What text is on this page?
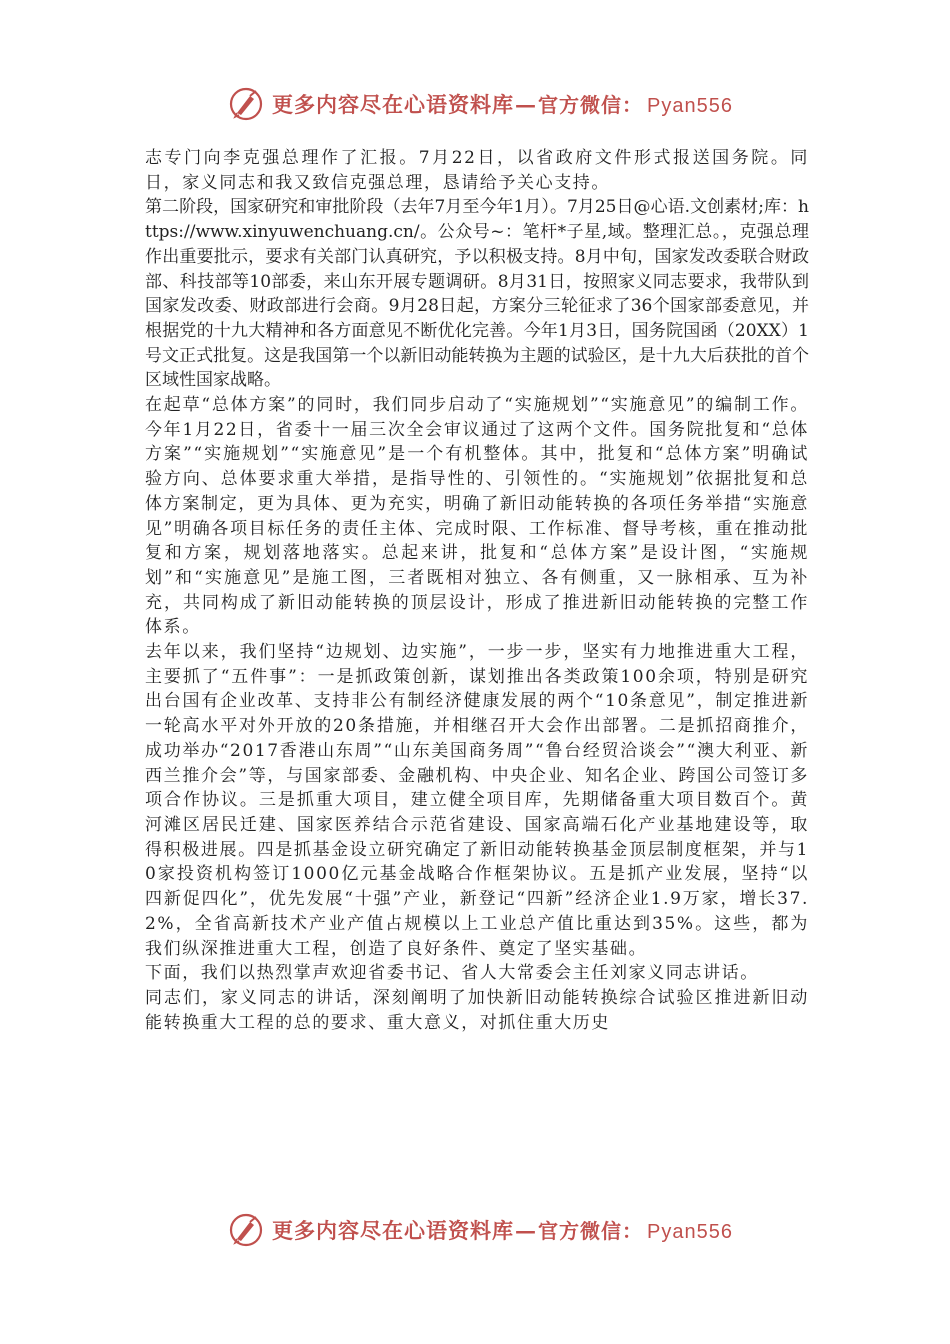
更多内容尽在心语资料库 — 官方微信： Pyan556

志专门向李克强总理作了汇报。7月22日，以省政府文件形式报送国务院。同日，家义同志和我又致信克强总理，恳请给予关心支持。

第二阶段，国家研究和审批阶段（去年7月至今年1月）。7月25日@心语.文创素材;库：https://www.xinyuwenchuang.cn/。公众号~：笔杆*子星,域。整理汇总。，克强总理作出重要批示，要求有关部门认真研究，予以积极支持。8月中旬，国家发改委联合财政部、科技部等10部委，来山东开展专题调研。8月31日，按照家义同志要求，我带队到国家发改委、财政部进行会商。9月28日起，方案分三轮征求了36个国家部委意见，并根据党的十九大精神和各方面意见不断优化完善。今年1月3日，国务院国函（20XX）1号文正式批复。这是我国第一个以新旧动能转换为主题的试验区，是十九大后获批的首个区域性国家战略。

在起草“总体方案”的同时，我们同步启动了“实施规划”“实施意见”的编制工作。今年1月22日，省委十一届三次全会审议通过了这两个文件。国务院批复和“总体方案”“实施规划”“实施意见”是一个有机整体。其中，批复和“总体方案”明确试验方向、总体要求重大举措，是指导性的、引领性的。“实施规划”依据批复和总体方案制定，更为具体、更为充实，明确了新旧动能转换的各项任务举措“实施意见”明确各项目标任务的责任主体、完成时限、工作标准、督导考核，重在推动批复和方案，规划落地落实。总起来讲，批复和“总体方案”是设计图，“实施规划”和“实施意见”是施工图，三者既相对独立、各有侧重，又一脉相承、互为补充，共同构成了新旧动能转换的顶层设计，形成了推进新旧动能转换的完整工作体系。

去年以来，我们坚持“边规划、边实施”，一步一步，坚实有力地推进重大工程，主要抓了“五件事”：一是抓政策创新，谋划推出各类政策100余项，特别是研究出台国有企业改革、支持非公有制经济健康发展的两个“10条意见”，制定推进新一轮高水平对外开放的20条措施，并相继召开大会作出部署。二是抓招商推介，成功举办“2017香港山东周”“山东美国商务周”“鲁台经贸洽谈会”“澳大利亚、新西兰推介会”等，与国家部委、金融机构、中央企业、知名企业、跨国公司签订多项合作协议。三是抓重大项目，建立健全项目库，先期储备重大项目数百个。黄河滩区居民迁建、国家医养结合示范省建设、国家高端石化产业基地建设等，取得积极进展。四是抓基金设立研究确定了新旧动能转换基金顶层制度框架，并与10家投资机构签订1000亿元基金战略合作框架协议。五是抓产业发展，坚持“以四新促四化”，优先发展“十强”产业，新登记“四新”经济企业1.9万家，增长37.2%，全省高新技术产业产值占规模以上工业总产值比重达到35%。这些，都为我们纵深推进重大工程，创造了良好条件、奠定了坚实基础。

下面，我们以热烈掌声欢迎省委书记、省人大常委会主任刘家义同志讲话。

同志们，家义同志的讲话，深刻阐明了加快新旧动能转换综合试验区推进新旧动能转换重大工程的总的要求、重大意义，对抓住重大历史

更多内容尽在心语资料库 — 官方微信： Pyan556
